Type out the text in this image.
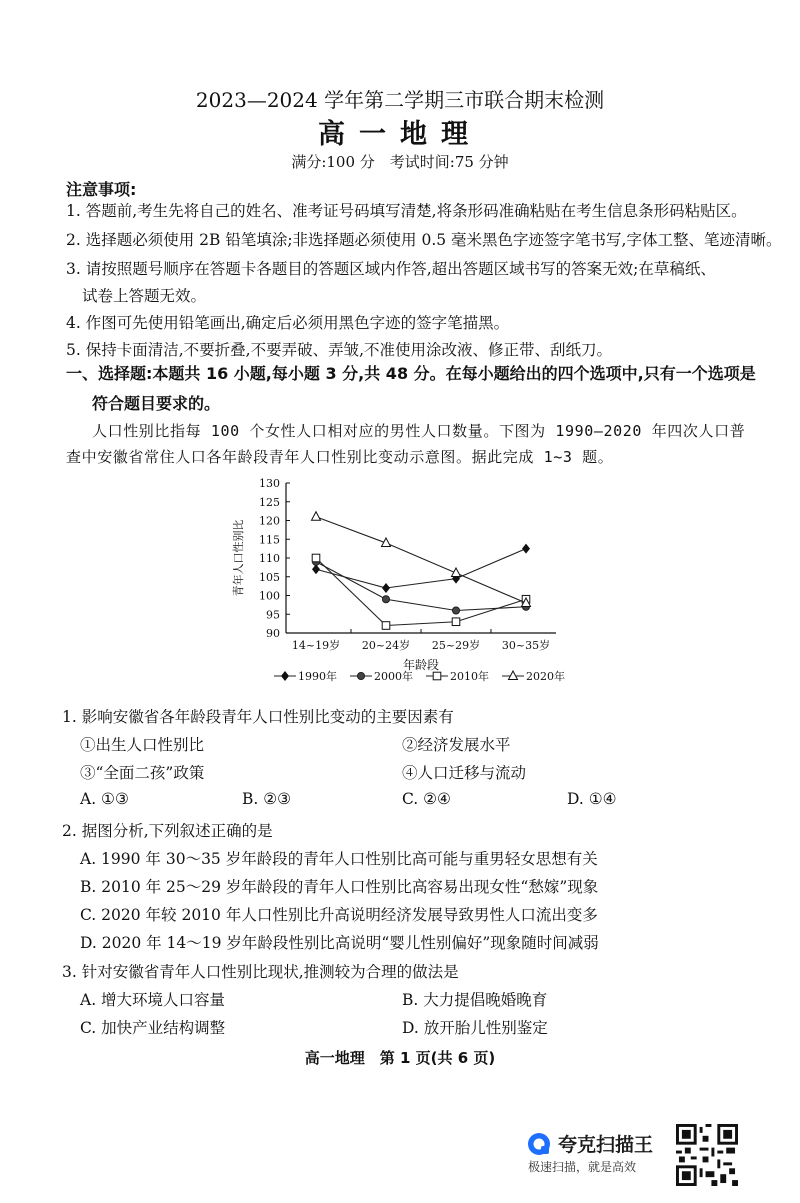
2023—2024 学年第二学期三市联合期末检测
高一地理
满分:100 分　考试时间:75 分钟
注意事项:
1. 答题前,考生先将自己的姓名、准考证号码填写清楚,将条形码准确粘贴在考生信息条形码粘贴区。
2. 选择题必须使用 2B 铅笔填涂;非选择题必须使用 0.5 毫米黑色字迹签字笔书写,字体工整、笔迹清晰。
3. 请按照题号顺序在答题卡各题目的答题区域内作答,超出答题区域书写的答案无效;在草稿纸、
试卷上答题无效。
4. 作图可先使用铅笔画出,确定后必须用黑色字迹的签字笔描黑。
5. 保持卡面清洁,不要折叠,不要弄破、弄皱,不准使用涂改液、修正带、刮纸刀。
一、选择题:本题共 16 小题,每小题 3 分,共 48 分。在每小题给出的四个选项中,只有一个选项是
符合题目要求的。
人口性别比指每 100 个女性人口相对应的男性人口数量。下图为 1990—2020 年四次人口普
查中安徽省常住人口各年龄段青年人口性别比变动示意图。据此完成 1~3 题。
90
95
100
105
110
115
120
125
130
14~19岁 20~24岁 25~29岁 30~35岁
青年人口性别比
年龄段
1990年	2000年	2010年	2020年
1. 影响安徽省各年龄段青年人口性别比变动的主要因素有
①出生人口性别比	②经济发展水平
③“全面二孩”政策	④人口迁移与流动
A. ①③	B. ②③	C. ②④	D. ①④
2. 据图分析,下列叙述正确的是
A. 1990 年 30～35 岁年龄段的青年人口性别比高可能与重男轻女思想有关
B. 2010 年 25～29 岁年龄段的青年人口性别比高容易出现女性“愁嫁”现象
C. 2020 年较 2010 年人口性别比升高说明经济发展导致男性人口流出变多
D. 2020 年 14～19 岁年龄段性别比高说明“婴儿性别偏好”现象随时间减弱
3. 针对安徽省青年人口性别比现状,推测较为合理的做法是
A. 增大环境人口容量	B. 大力提倡晚婚晚育
C. 加快产业结构调整	D. 放开胎儿性别鉴定
高一地理　第 1 页(共 6 页)
夸克扫描王
极速扫描，就是高效
